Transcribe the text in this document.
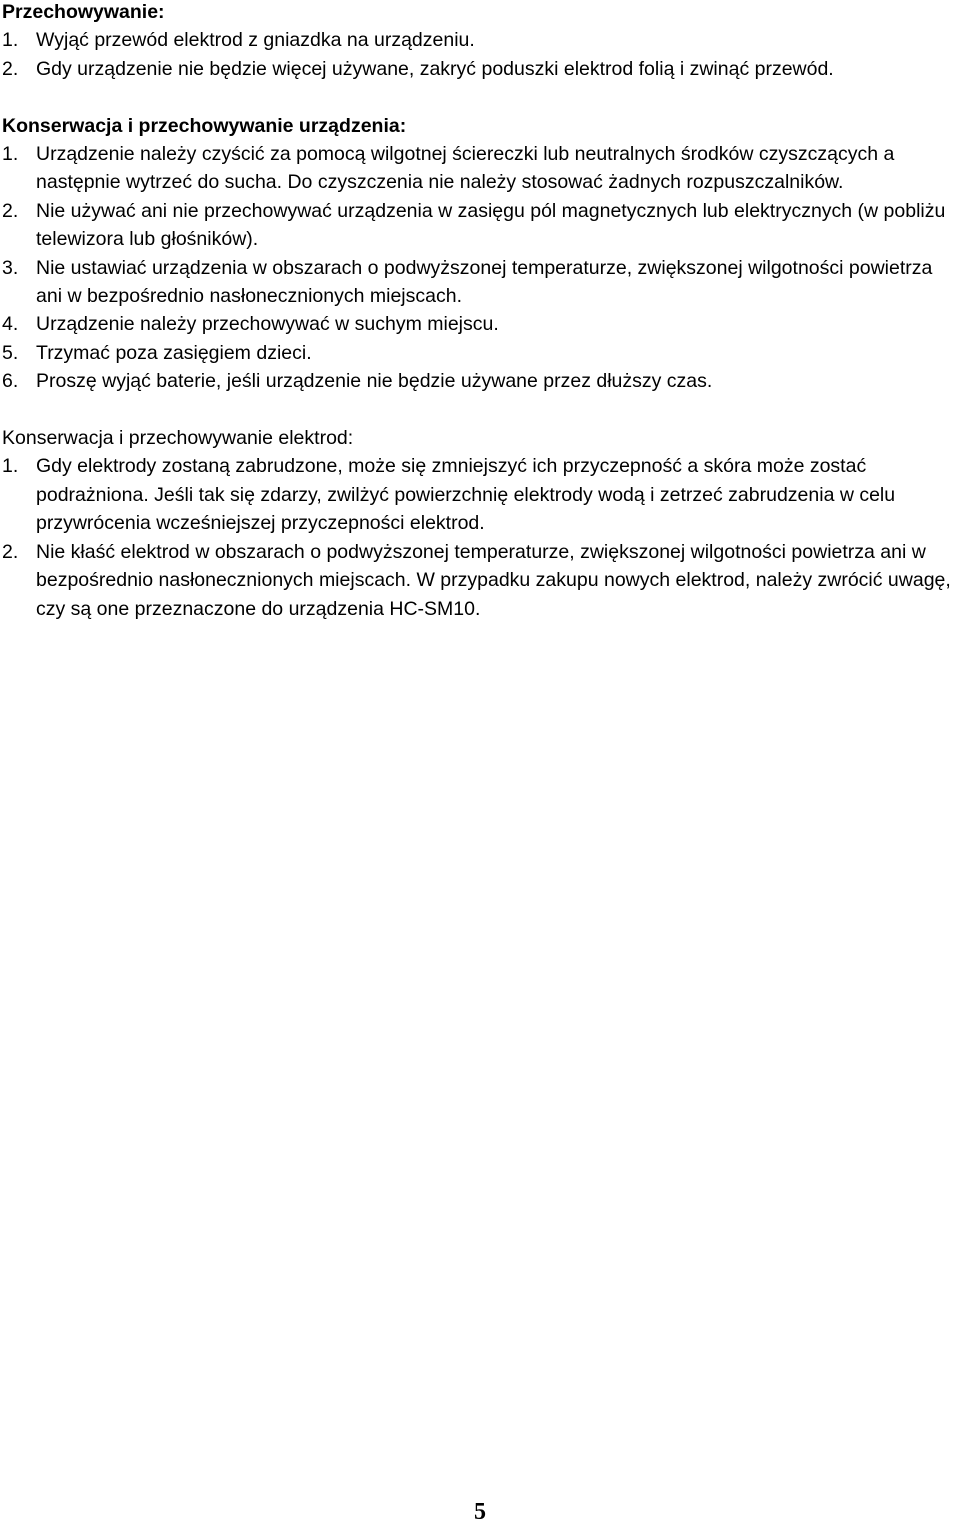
Przechowywanie:
1. Wyjąć przewód elektrod z gniazdka na urządzeniu.
2. Gdy urządzenie nie będzie więcej używane, zakryć poduszki elektrod folią i zwinąć przewód.
Konserwacja i przechowywanie urządzenia:
1. Urządzenie należy czyścić za pomocą wilgotnej ściereczki lub neutralnych środków czyszczących a następnie wytrzeć do sucha. Do czyszczenia nie należy stosować żadnych rozpuszczalników.
2. Nie używać ani nie przechowywać urządzenia w zasięgu pól magnetycznych lub elektrycznych (w pobliżu telewizora lub głośników).
3. Nie ustawiać urządzenia w obszarach o podwyższonej temperaturze, zwiększonej wilgotności powietrza ani w bezpośrednio nasłonecznionych miejscach.
4. Urządzenie należy przechowywać w suchym miejscu.
5. Trzymać poza zasięgiem dzieci.
6. Proszę wyjąć baterie, jeśli urządzenie nie będzie używane przez dłuższy czas.
Konserwacja i przechowywanie elektrod:
1. Gdy elektrody zostaną zabrudzone, może się zmniejszyć ich przyczepność a skóra może zostać podrażniona. Jeśli tak się zdarzy, zwilżyć powierzchnię elektrody wodą i zetrzeć zabrudzenia w celu przywrócenia wcześniejszej przyczepności elektrod.
2. Nie kłaść elektrod w obszarach o podwyższonej temperaturze, zwiększonej wilgotności powietrza ani w bezpośrednio nasłonecznionych miejscach. W przypadku zakupu nowych elektrod, należy zwrócić uwagę, czy są one przeznaczone do urządzenia HC-SM10.
5
